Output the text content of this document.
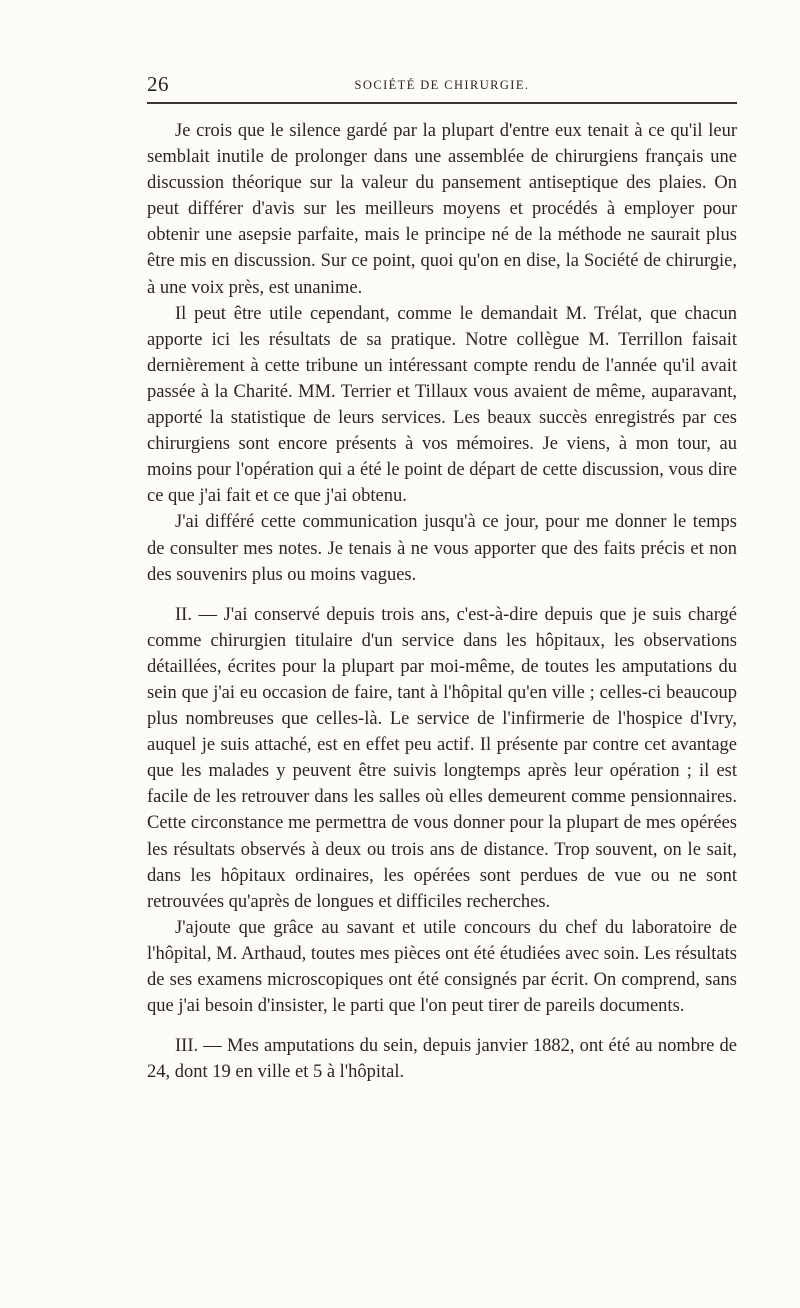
26	SOCIÉTÉ DE CHIRURGIE.

Je crois que le silence gardé par la plupart d'entre eux tenait à ce qu'il leur semblait inutile de prolonger dans une assemblée de chirurgiens français une discussion théorique sur la valeur du pansement antiseptique des plaies. On peut différer d'avis sur les meilleurs moyens et procédés à employer pour obtenir une asepsie parfaite, mais le principe né de la méthode ne saurait plus être mis en discussion. Sur ce point, quoi qu'on en dise, la Société de chirurgie, à une voix près, est unanime.

Il peut être utile cependant, comme le demandait M. Trélat, que chacun apporte ici les résultats de sa pratique. Notre collègue M. Terrillon faisait dernièrement à cette tribune un intéressant compte rendu de l'année qu'il avait passée à la Charité. MM. Terrier et Tillaux vous avaient de même, auparavant, apporté la statistique de leurs services. Les beaux succès enregistrés par ces chirurgiens sont encore présents à vos mémoires. Je viens, à mon tour, au moins pour l'opération qui a été le point de départ de cette discussion, vous dire ce que j'ai fait et ce que j'ai obtenu.

J'ai différé cette communication jusqu'à ce jour, pour me donner le temps de consulter mes notes. Je tenais à ne vous apporter que des faits précis et non des souvenirs plus ou moins vagues.

II. — J'ai conservé depuis trois ans, c'est-à-dire depuis que je suis chargé comme chirurgien titulaire d'un service dans les hôpitaux, les observations détaillées, écrites pour la plupart par moi-même, de toutes les amputations du sein que j'ai eu occasion de faire, tant à l'hôpital qu'en ville ; celles-ci beaucoup plus nombreuses que celles-là. Le service de l'infirmerie de l'hospice d'Ivry, auquel je suis attaché, est en effet peu actif. Il présente par contre cet avantage que les malades y peuvent être suivis longtemps après leur opération ; il est facile de les retrouver dans les salles où elles demeurent comme pensionnaires. Cette circonstance me permettra de vous donner pour la plupart de mes opérées les résultats observés à deux ou trois ans de distance. Trop souvent, on le sait, dans les hôpitaux ordinaires, les opérées sont perdues de vue ou ne sont retrouvées qu'après de longues et difficiles recherches.

J'ajoute que grâce au savant et utile concours du chef du laboratoire de l'hôpital, M. Arthaud, toutes mes pièces ont été étudiées avec soin. Les résultats de ses examens microscopiques ont été consignés par écrit. On comprend, sans que j'ai besoin d'insister, le parti que l'on peut tirer de pareils documents.

III. — Mes amputations du sein, depuis janvier 1882, ont été au nombre de 24, dont 19 en ville et 5 à l'hôpital.
